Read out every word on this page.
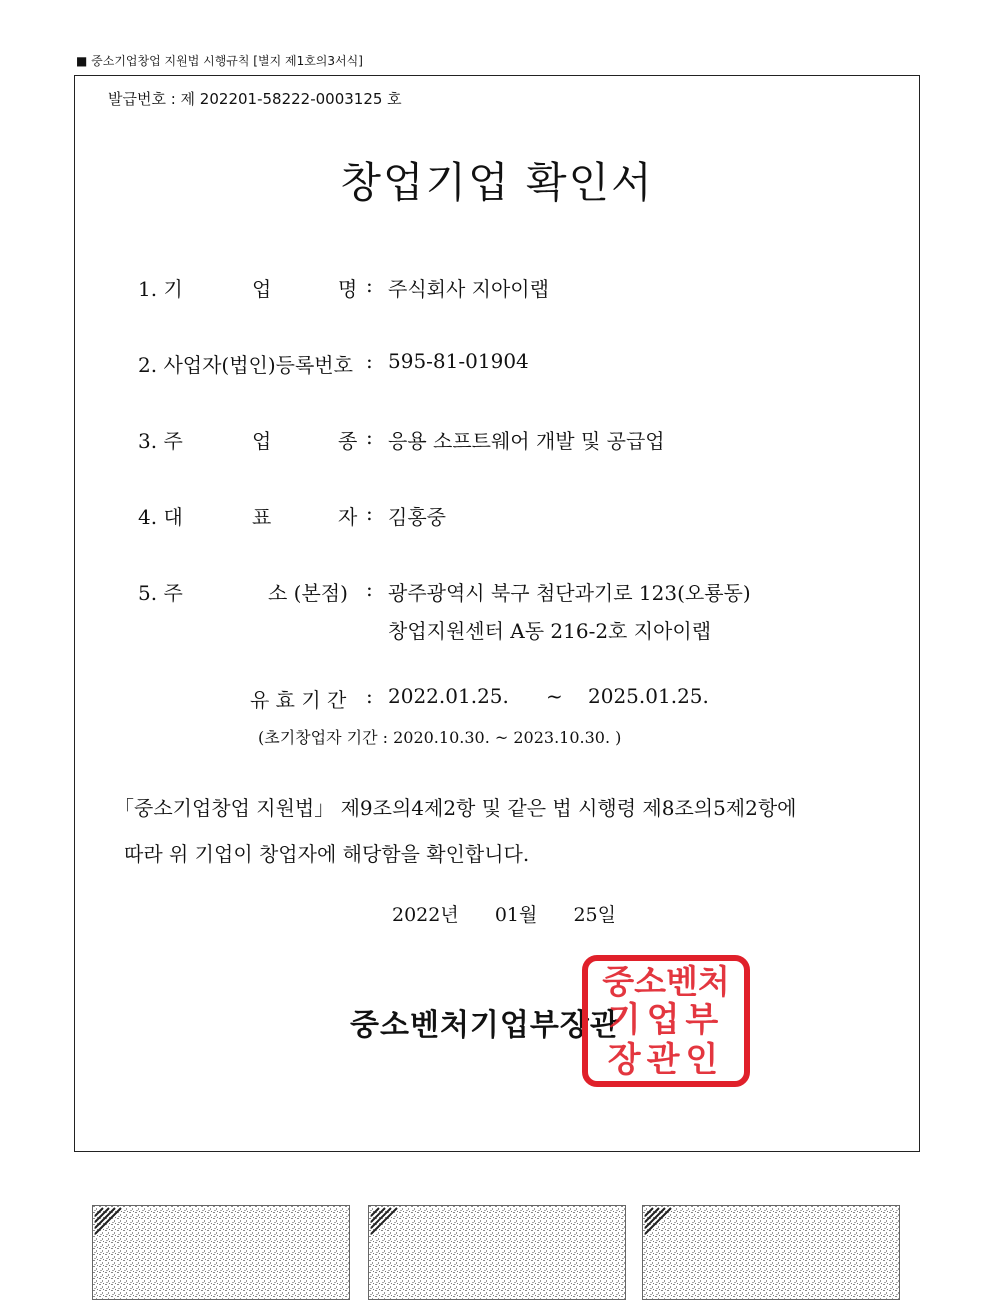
■ 중소기업창업 지원법 시행규칙 [별지 제1호의3서식]
발급번호 : 제 202201-58222-0003125 호
창업기업 확인서
1. 기	업	명 : 주식회사 지아이랩
2. 사업자(법인)등록번호 : 595-81-01904
3. 주	업	종 : 응용 소프트웨어 개발 및 공급업
4. 대	표	자 : 김홍중
5. 주	소 (본점) : 광주광역시 북구 첨단과기로 123(오룡동)
창업지원센터 A동 216-2호 지아이랩
유 효 기 간 : 2022.01.25. ~ 2025.01.25.
(초기창업자 기간 : 2020.10.30. ~ 2023.10.30. )
「중소기업창업 지원법」 제9조의4제2항 및 같은 법 시행령 제8조의5제2항에
따라 위 기업이 창업자에 해당함을 확인합니다.
2022년 01월 25일
중소벤처기업부장관
중소벤처
기업부
장관인
